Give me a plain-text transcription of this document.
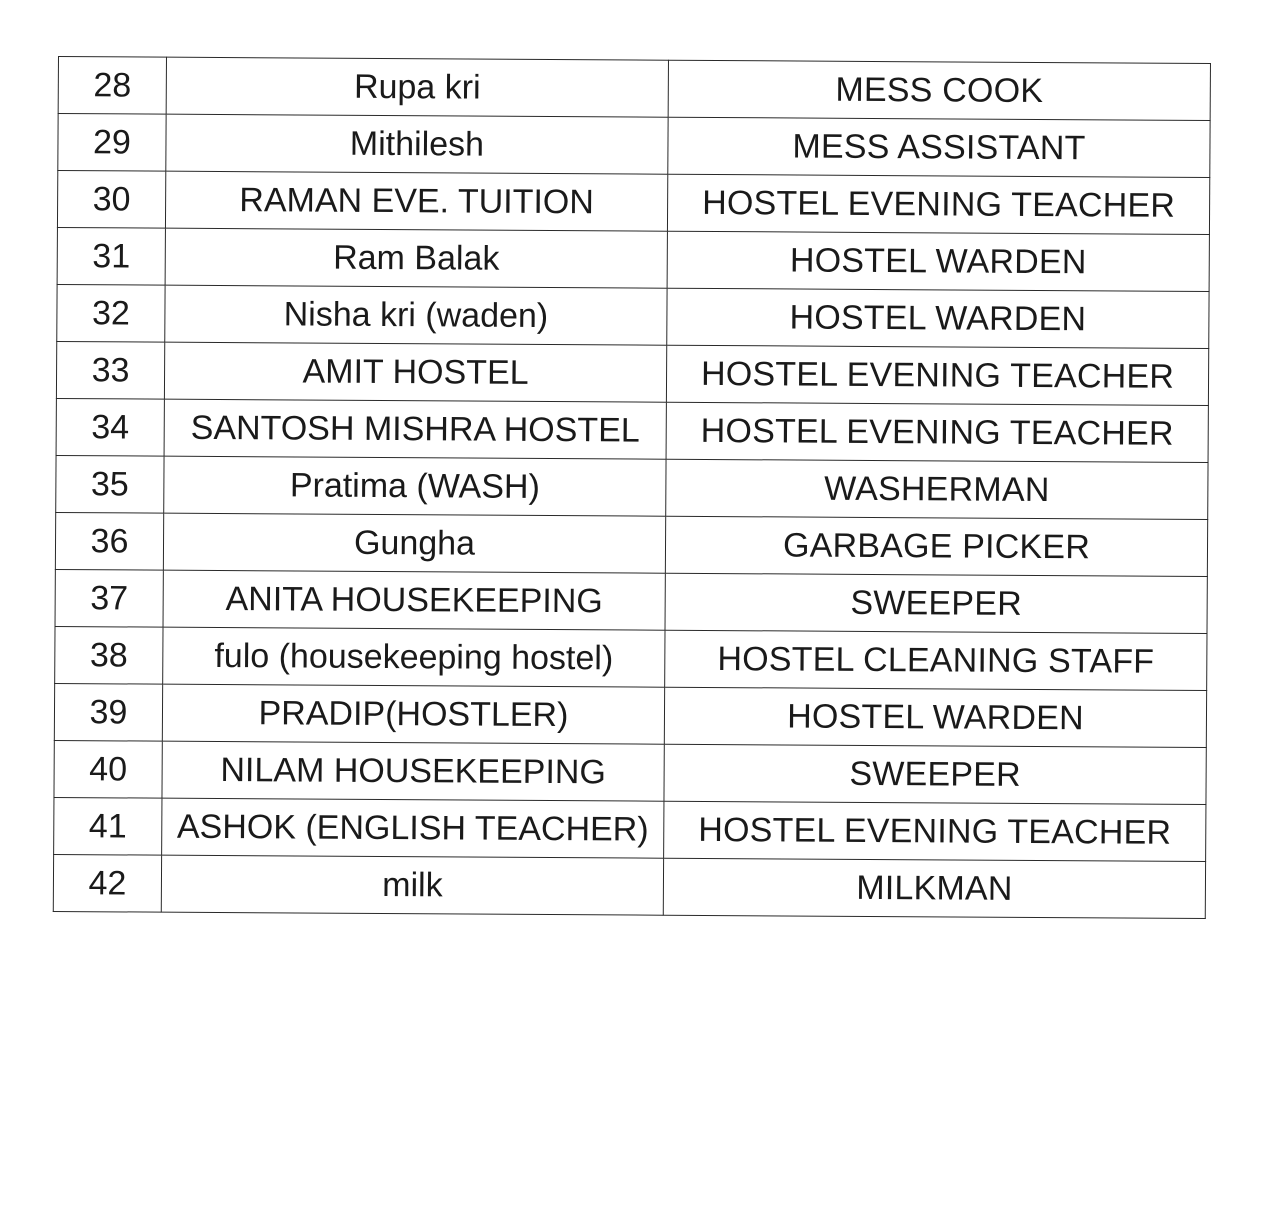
28	Rupa kri	MESS COOK
29	Mithilesh	MESS ASSISTANT
30	RAMAN EVE. TUITION	HOSTEL EVENING TEACHER
31	Ram Balak	HOSTEL WARDEN
32	Nisha kri (waden)	HOSTEL WARDEN
33	AMIT HOSTEL	HOSTEL EVENING TEACHER
34	SANTOSH MISHRA HOSTEL	HOSTEL EVENING TEACHER
35	Pratima (WASH)	WASHERMAN
36	Gungha	GARBAGE PICKER
37	ANITA HOUSEKEEPING	SWEEPER
38	fulo (housekeeping hostel)	HOSTEL CLEANING STAFF
39	PRADIP(HOSTLER)	HOSTEL WARDEN
40	NILAM HOUSEKEEPING	SWEEPER
41	ASHOK (ENGLISH TEACHER)	HOSTEL EVENING TEACHER
42	milk	MILKMAN
